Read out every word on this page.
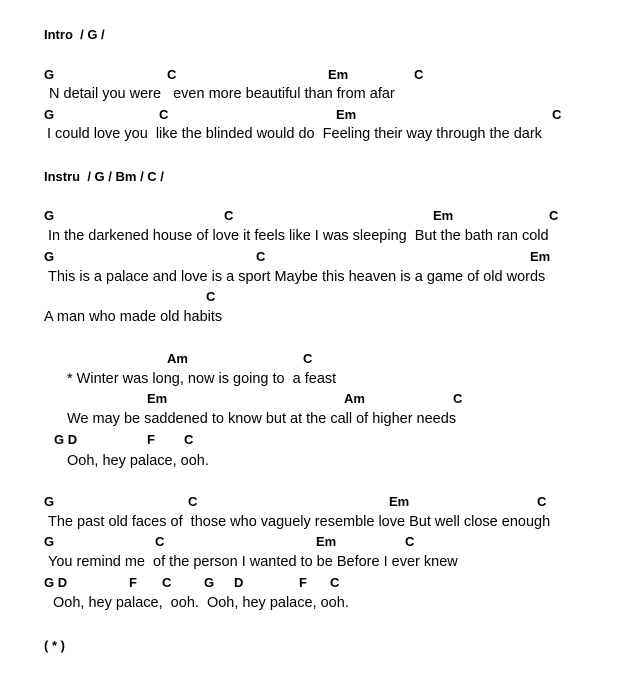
Intro  / G /
G	C	Em	C
N detail you were   even more beautiful than from afar
G	C	Em	C
I could love you  like the blinded would do  Feeling their way through the dark
Instru  / G / Bm / C /
G	C	Em	C
In the darkened house of love it feels like I was sleeping  But the bath ran cold
G	C	Em
This is a palace and love is a sport Maybe this heaven is a game of old words
C
A man who made old habits
Am	C
* Winter was long, now is going to  a feast
Em	Am	C
We may be saddened to know but at the call of higher needs
G D	F C
Ooh, hey palace, ooh.
G	C	Em	C
The past old faces of  those who vaguely resemble love But well close enough
G	C	Em	C
You remind me  of the person I wanted to be Before I ever knew
G D	F C	G D	F C
Ooh, hey palace,  ooh.  Ooh, hey palace, ooh.
( * )
